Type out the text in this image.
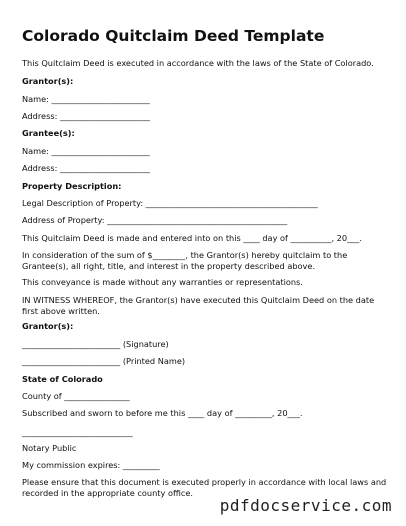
Colorado Quitclaim Deed Template
This Quitclaim Deed is executed in accordance with the laws of the State of Colorado.
Grantor(s):
Name: ________________________
Address: ______________________
Grantee(s):
Name: ________________________
Address: ______________________
Property Description:
Legal Description of Property: __________________________________________
Address of Property: ____________________________________________
This Quitclaim Deed is made and entered into on this ____ day of __________, 20___.
In consideration of the sum of $________, the Grantor(s) hereby quitclaim to the Grantee(s), all right, title, and interest in the property described above.
This conveyance is made without any warranties or representations.
IN WITNESS WHEREOF, the Grantor(s) have executed this Quitclaim Deed on the date first above written.
Grantor(s):
________________________ (Signature)
________________________ (Printed Name)
State of Colorado
County of ________________
Subscribed and sworn to before me this ____ day of _________, 20___.
___________________________
Notary Public
My commission expires: _________
Please ensure that this document is executed properly in accordance with local laws and recorded in the appropriate county office.
pdfdocservice.com
